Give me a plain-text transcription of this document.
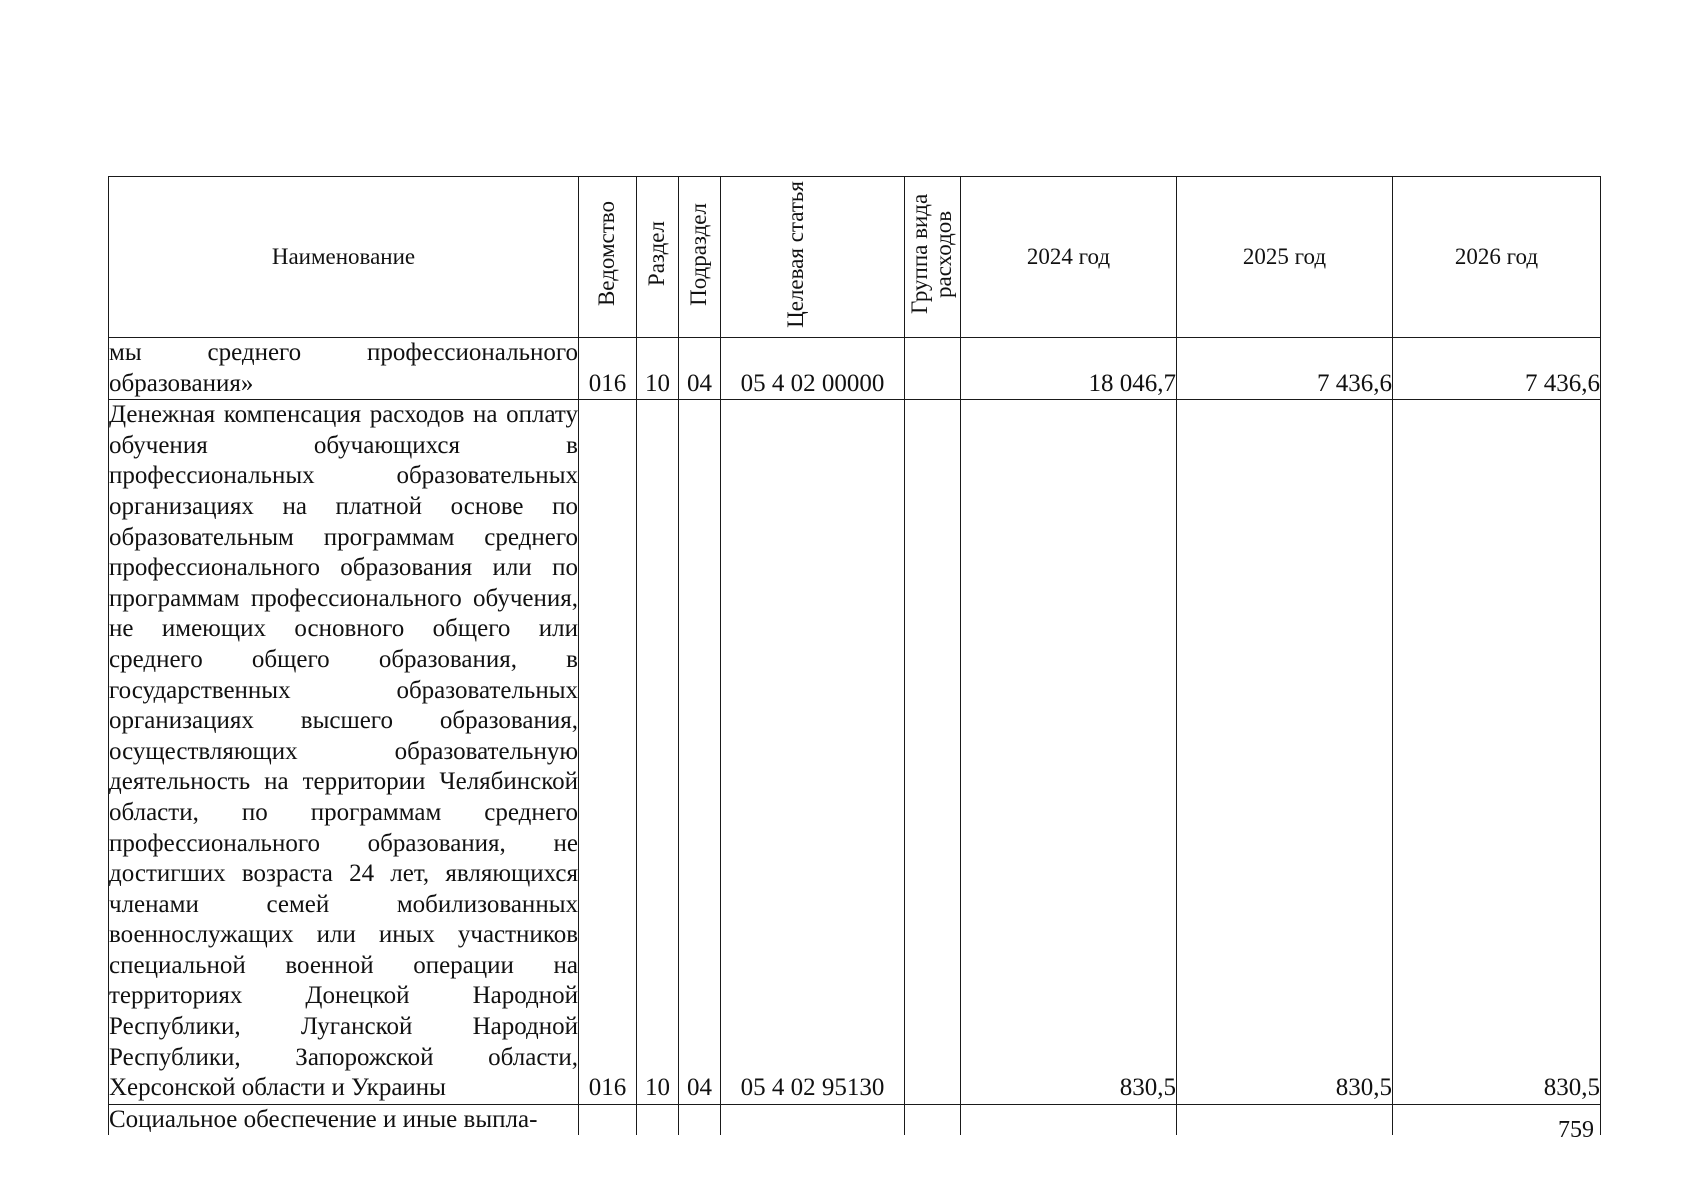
Наименование	Ведомство	Раздел	Подраздел	Целевая статья	Группа вида расходов	2024 год	2025 год	2026 год
мы среднего профессионального образования»	016	10	04	05 4 02 00000		18 046,7	7 436,6	7 436,6
Денежная компенсация расходов на оплату обучения обучающихся в профессиональных образовательных организациях на платной основе по образовательным программам среднего профессионального образования или по программам профессионального обучения, не имеющих основного общего или среднего общего образования, в государственных образовательных организациях высшего образования, осуществляющих образовательную деятельность на территории Челябинской области, по программам среднего профессионального образования, не достигших возраста 24 лет, являющихся членами семей мобилизованных военнослужащих или иных участников специальной военной операции на территориях Донецкой Народной Республики, Луганской Народной Республики, Запорожской области, Херсонской области и Украины	016	10	04	05 4 02 95130		830,5	830,5	830,5
Социальное обеспечение и иные выпла-									759
